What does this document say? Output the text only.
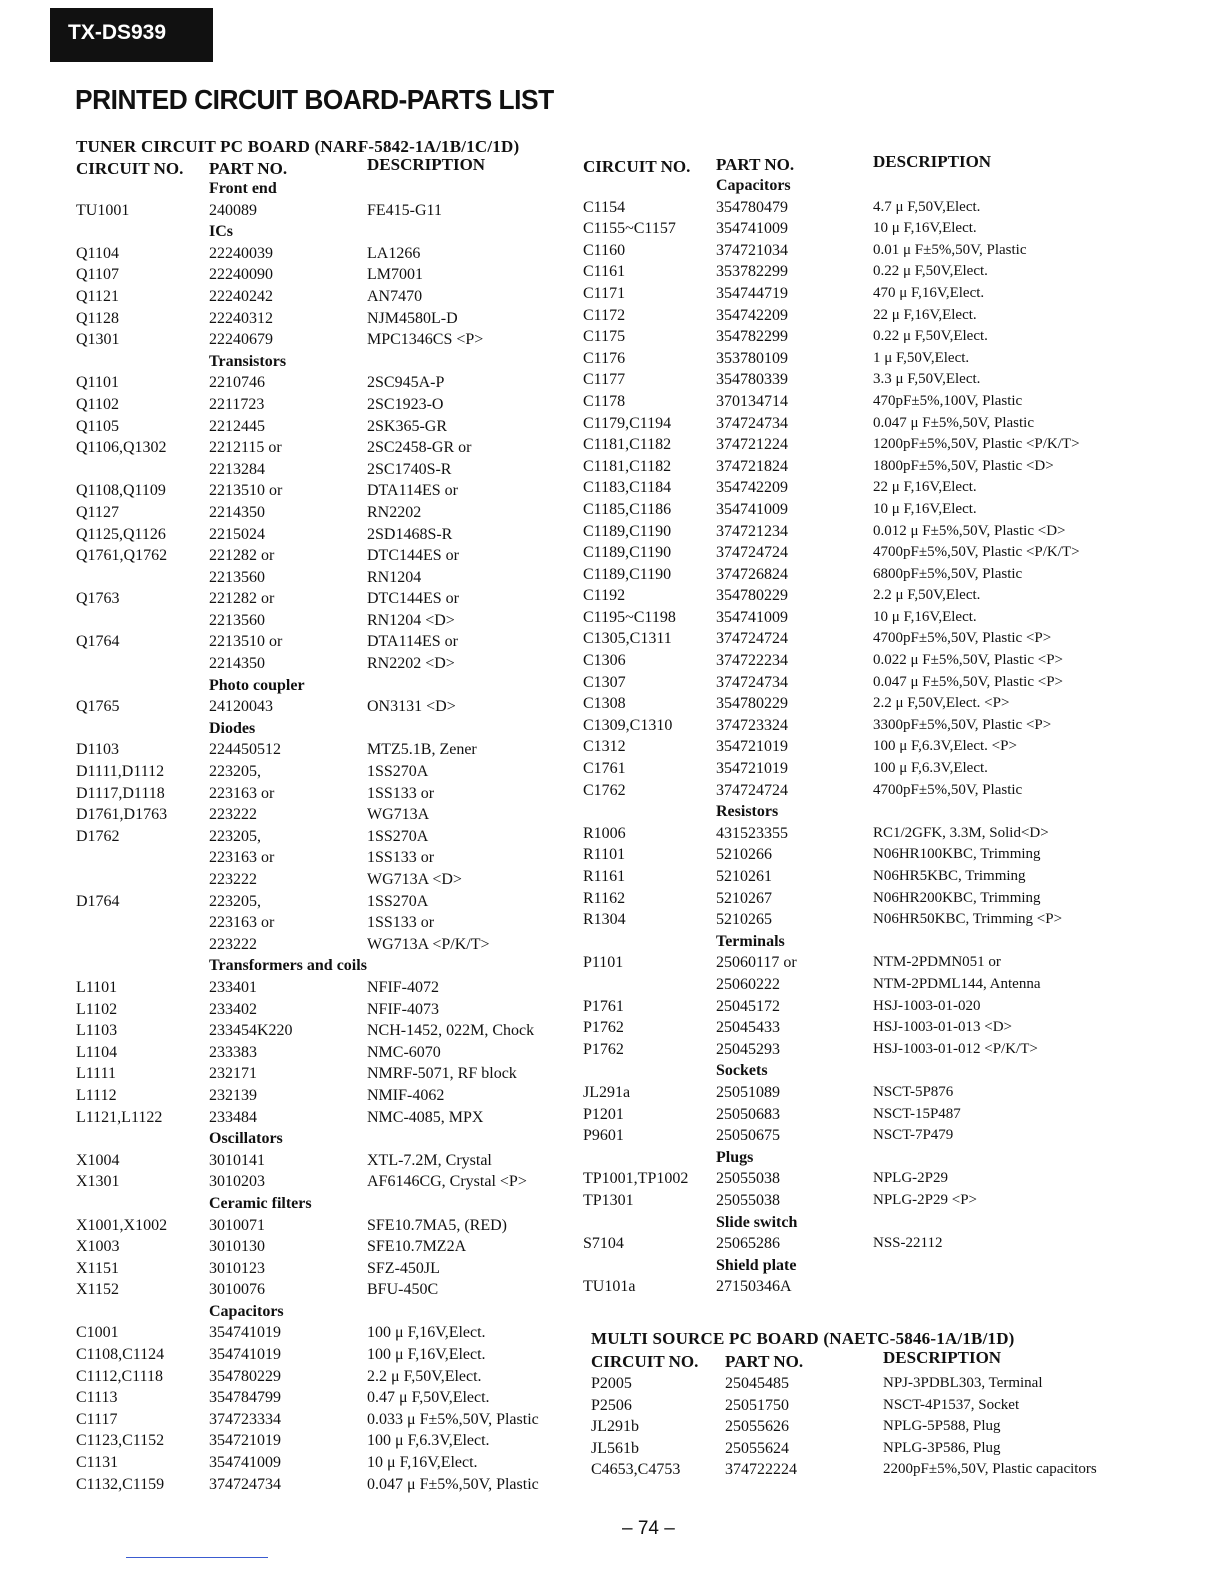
TX-DS939
PRINTED CIRCUIT BOARD-PARTS LIST
TUNER CIRCUIT PC BOARD (NARF-5842-1A/1B/1C/1D)
CIRCUIT NO. PART NO.	DESCRIPTION	CIRCUIT NO. PART NO.	DESCRIPTION
Front end
TU1001	240089	FE415-G11
ICs
Q1104	22240039	LA1266
Q1107	22240090	LM7001
Q1121	22240242	AN7470
Q1128	22240312	NJM4580L-D
Q1301	22240679	MPC1346CS <P>
Transistors
Q1101	2210746	2SC945A-P
Q1102	2211723	2SC1923-O
Q1105	2212445	2SK365-GR
Q1106,Q1302	2212115 or	2SC2458-GR or
2213284	2SC1740S-R
Q1108,Q1109	2213510 or	DTA114ES or
Q1127	2214350	RN2202
Q1125,Q1126	2215024	2SD1468S-R
Q1761,Q1762	221282 or	DTC144ES or
2213560	RN1204
Q1763	221282 or	DTC144ES or
2213560	RN1204 <D>
Q1764	2213510 or	DTA114ES or
2214350	RN2202 <D>
Photo coupler
Q1765	24120043	ON3131 <D>
Diodes
D1103	224450512	MTZ5.1B, Zener
D1111,D1112	223205,	1SS270A
D1117,D1118	223163 or	1SS133 or
D1761,D1763	223222	WG713A
D1762	223205,	1SS270A
223163 or	1SS133 or
223222	WG713A <D>
D1764	223205,	1SS270A
223163 or	1SS133 or
223222	WG713A <P/K/T>
Transformers and coils
L1101	233401	NFIF-4072
L1102	233402	NFIF-4073
L1103	233454K220	NCH-1452, 022M, Chock
L1104	233383	NMC-6070
L1111	232171	NMRF-5071, RF block
L1112	232139	NMIF-4062
L1121,L1122	233484	NMC-4085, MPX
Oscillators
X1004	3010141	XTL-7.2M, Crystal
X1301	3010203	AF6146CG, Crystal <P>
Ceramic filters
X1001,X1002	3010071	SFE10.7MA5, (RED)
X1003	3010130	SFE10.7MZ2A
X1151	3010123	SFZ-450JL
X1152	3010076	BFU-450C
Capacitors
C1001	354741019	100 μ F,16V,Elect.
C1108,C1124	354741019	100 μ F,16V,Elect.
C1112,C1118	354780229	2.2 μ F,50V,Elect.
C1113	354784799	0.47 μ F,50V,Elect.
C1117	374723334	0.033 μ F±5%,50V, Plastic
C1123,C1152	354721019	100 μ F,6.3V,Elect.
C1131	354741009	10 μ F,16V,Elect.
C1132,C1159	374724734	0.047 μ F±5%,50V, Plastic
Capacitors
C1154	354780479	4.7 μ F,50V,Elect.
C1155~C1157	354741009	10 μ F,16V,Elect.
C1160	374721034	0.01 μ F±5%,50V, Plastic
C1161	353782299	0.22 μ F,50V,Elect.
C1171	354744719	470 μ F,16V,Elect.
C1172	354742209	22 μ F,16V,Elect.
C1175	354782299	0.22 μ F,50V,Elect.
C1176	353780109	1 μ F,50V,Elect.
C1177	354780339	3.3 μ F,50V,Elect.
C1178	370134714	470pF±5%,100V, Plastic
C1179,C1194	374724734	0.047 μ F±5%,50V, Plastic
C1181,C1182	374721224	1200pF±5%,50V, Plastic <P/K/T>
C1181,C1182	374721824	1800pF±5%,50V, Plastic <D>
C1183,C1184	354742209	22 μ F,16V,Elect.
C1185,C1186	354741009	10 μ F,16V,Elect.
C1189,C1190	374721234	0.012 μ F±5%,50V, Plastic <D>
C1189,C1190	374724724	4700pF±5%,50V, Plastic <P/K/T>
C1189,C1190	374726824	6800pF±5%,50V, Plastic
C1192	354780229	2.2 μ F,50V,Elect.
C1195~C1198	354741009	10 μ F,16V,Elect.
C1305,C1311	374724724	4700pF±5%,50V, Plastic <P>
C1306	374722234	0.022 μ F±5%,50V, Plastic <P>
C1307	374724734	0.047 μ F±5%,50V, Plastic <P>
C1308	354780229	2.2 μ F,50V,Elect. <P>
C1309,C1310	374723324	3300pF±5%,50V, Plastic <P>
C1312	354721019	100 μ F,6.3V,Elect. <P>
C1761	354721019	100 μ F,6.3V,Elect.
C1762	374724724	4700pF±5%,50V, Plastic
Resistors
R1006	431523355	RC1/2GFK, 3.3M, Solid<D>
R1101	5210266	N06HR100KBC, Trimming
R1161	5210261	N06HR5KBC, Trimming
R1162	5210267	N06HR200KBC, Trimming
R1304	5210265	N06HR50KBC, Trimming <P>
Terminals
P1101	25060117 or	NTM-2PDMN051 or
25060222	NTM-2PDML144, Antenna
P1761	25045172	HSJ-1003-01-020
P1762	25045433	HSJ-1003-01-013 <D>
P1762	25045293	HSJ-1003-01-012 <P/K/T>
Sockets
JL291a	25051089	NSCT-5P876
P1201	25050683	NSCT-15P487
P9601	25050675	NSCT-7P479
Plugs
TP1001,TP1002 25055038	NPLG-2P29
TP1301	25055038	NPLG-2P29 <P>
Slide switch
S7104	25065286	NSS-22112
Shield plate
TU101a	27150346A
MULTI SOURCE PC BOARD (NAETC-5846-1A/1B/1D)
CIRCUIT NO. PART NO.	DESCRIPTION
P2005	25045485	NPJ-3PDBL303, Terminal
P2506	25051750	NSCT-4P1537, Socket
JL291b	25055626	NPLG-5P588, Plug
JL561b	25055624	NPLG-3P586, Plug
C4653,C4753	374722224	2200pF±5%,50V, Plastic capacitors
– 74 –
